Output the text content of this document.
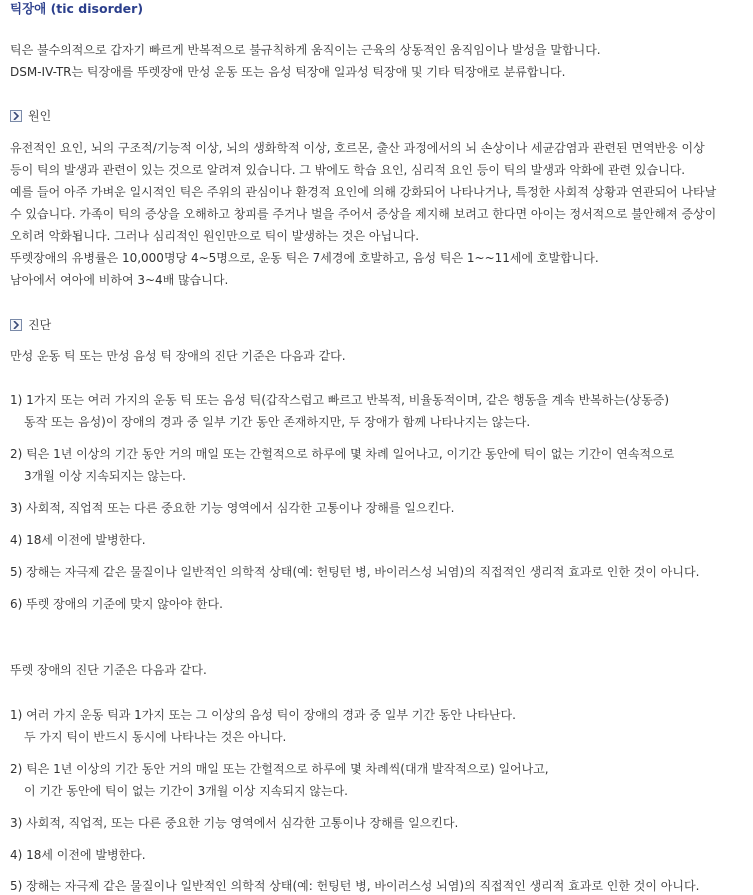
틱장애 (tic disorder)
틱은 불수의적으로 갑자기 빠르게 반복적으로 불규칙하게 움직이는 근육의 상동적인 움직임이나 발성을 말합니다.
DSM-IV-TR는 틱장애를 뚜렛장애 만성 운동 또는 음성 틱장애 일과성 틱장애 및 기타 틱장애로 분류합니다.
원인
유전적인 요인, 뇌의 구조적/기능적 이상, 뇌의 생화학적 이상, 호르몬, 출산 과정에서의 뇌 손상이나 세균감염과 관련된 면역반응 이상
등이 틱의 발생과 관련이 있는 것으로 알려져 있습니다. 그 밖에도 학습 요인, 심리적 요인 등이 틱의 발생과 악화에 관련 있습니다.
예를 들어 아주 가벼운 일시적인 틱은 주위의 관심이나 환경적 요인에 의해 강화되어 나타나거나, 특정한 사회적 상황과 연관되어 나타날
수 있습니다. 가족이 틱의 증상을 오해하고 창피를 주거나 벌을 주어서 증상을 제지해 보려고 한다면 아이는 정서적으로 불안해져 증상이
오히려 악화됩니다. 그러나 심리적인 원인만으로 틱이 발생하는 것은 아닙니다.
뚜렛장애의 유병률은 10,000명당 4~5명으로, 운동 틱은 7세경에 호발하고, 음성 틱은 1~~11세에 호발합니다.
남아에서 여아에 비하여 3~4배 많습니다.
진단
만성 운동 틱 또는 만성 음성 틱 장애의 진단 기준은 다음과 같다.
1) 1가지 또는 여러 가지의 운동 틱 또는 음성 틱(갑작스럽고 빠르고 반복적, 비율동적이며, 같은 행동을 계속 반복하는(상동증)
동작 또는 음성)이 장애의 경과 중 일부 기간 동안 존재하지만, 두 장애가 함께 나타나지는 않는다.
2) 틱은 1년 이상의 기간 동안 거의 매일 또는 간헐적으로 하루에 몇 차례 일어나고, 이기간 동안에 틱이 없는 기간이 연속적으로
3개월 이상 지속되지는 않는다.
3) 사회적, 직업적 또는 다른 중요한 기능 영역에서 심각한 고통이나 장해를 일으킨다.
4) 18세 이전에 발병한다.
5) 장해는 자극제 같은 물질이나 일반적인 의학적 상태(예: 헌팅턴 병, 바이러스성 뇌염)의 직접적인 생리적 효과로 인한 것이 아니다.
6) 뚜렛 장애의 기준에 맞지 않아야 한다.
뚜렛 장애의 진단 기준은 다음과 같다.
1) 여러 가지 운동 틱과 1가지 또는 그 이상의 음성 틱이 장애의 경과 중 일부 기간 동안 나타난다.
두 가지 틱이 반드시 동시에 나타나는 것은 아니다.
2) 틱은 1년 이상의 기간 동안 거의 매일 또는 간헐적으로 하루에 몇 차례씩(대개 발작적으로) 일어나고,
이 기간 동안에 틱이 없는 기간이 3개월 이상 지속되지 않는다.
3) 사회적, 직업적, 또는 다른 중요한 기능 영역에서 심각한 고통이나 장해를 일으킨다.
4) 18세 이전에 발병한다.
5) 장해는 자극제 같은 물질이나 일반적인 의학적 상태(예: 헌팅턴 병, 바이러스성 뇌염)의 직접적인 생리적 효과로 인한 것이 아니다.
